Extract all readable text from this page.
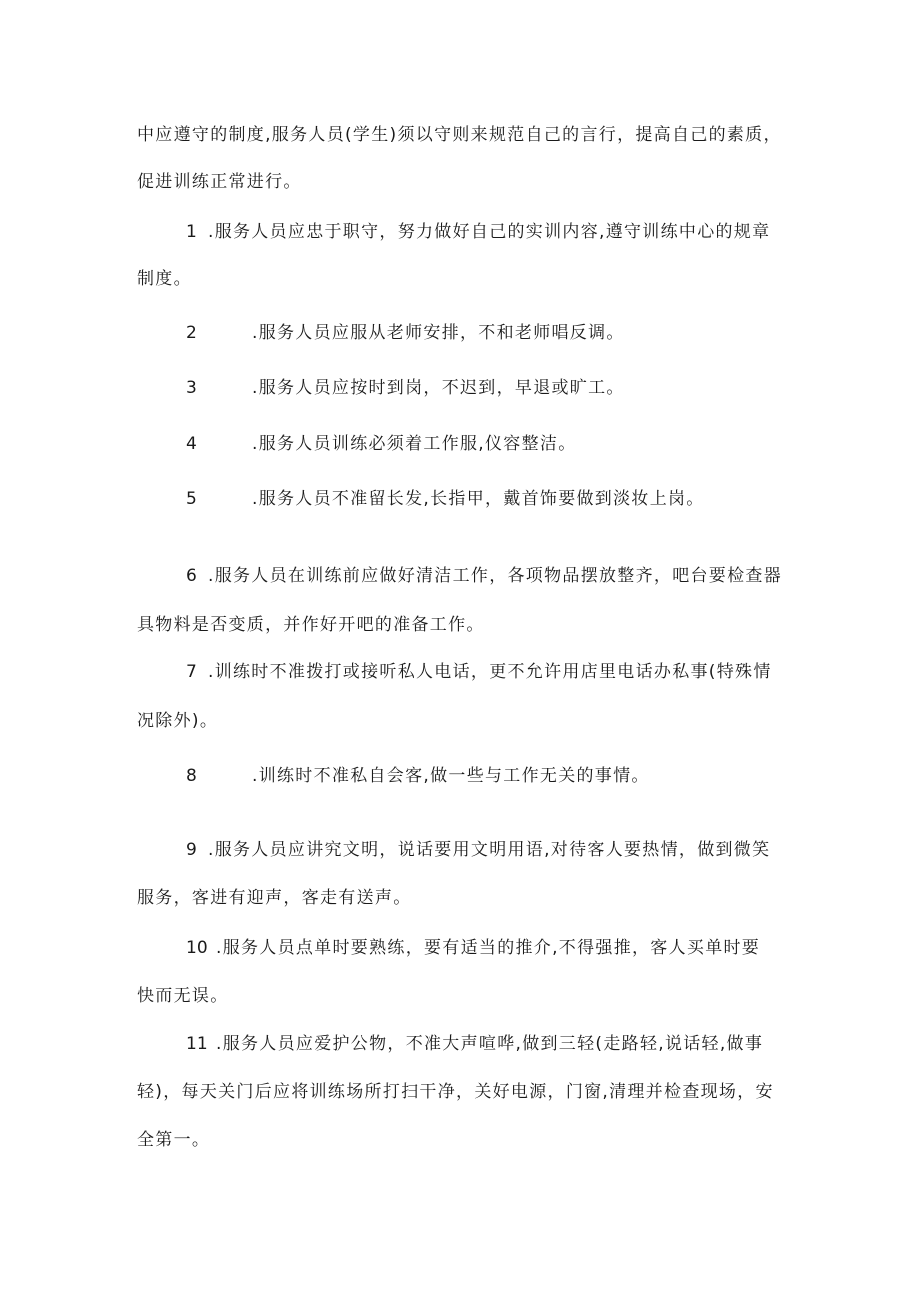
中应遵守的制度,服务人员(学生)须以守则来规范自己的言行，提高自己的素质，
促进训练正常进行。
1 .服务人员应忠于职守，努力做好自己的实训内容,遵守训练中心的规章
制度。
2	.服务人员应服从老师安排，不和老师唱反调。
3	.服务人员应按时到岗，不迟到，早退或旷工。
4	.服务人员训练必须着工作服,仪容整洁。
5	.服务人员不准留长发,长指甲，戴首饰要做到淡妆上岗。
6 .服务人员在训练前应做好清洁工作，各项物品摆放整齐，吧台要检查器
具物料是否变质，并作好开吧的准备工作。
7 .训练时不准拨打或接听私人电话，更不允许用店里电话办私事(特殊情
况除外)。
8	.训练时不准私自会客,做一些与工作无关的事情。
9 .服务人员应讲究文明，说话要用文明用语,对待客人要热情，做到微笑
服务，客进有迎声，客走有送声。
10 .服务人员点单时要熟练，要有适当的推介,不得强推，客人买单时要
快而无误。
11 .服务人员应爱护公物，不准大声喧哗,做到三轻(走路轻,说话轻,做事
轻)，每天关门后应将训练场所打扫干净，关好电源，门窗,清理并检查现场，安
全第一。
